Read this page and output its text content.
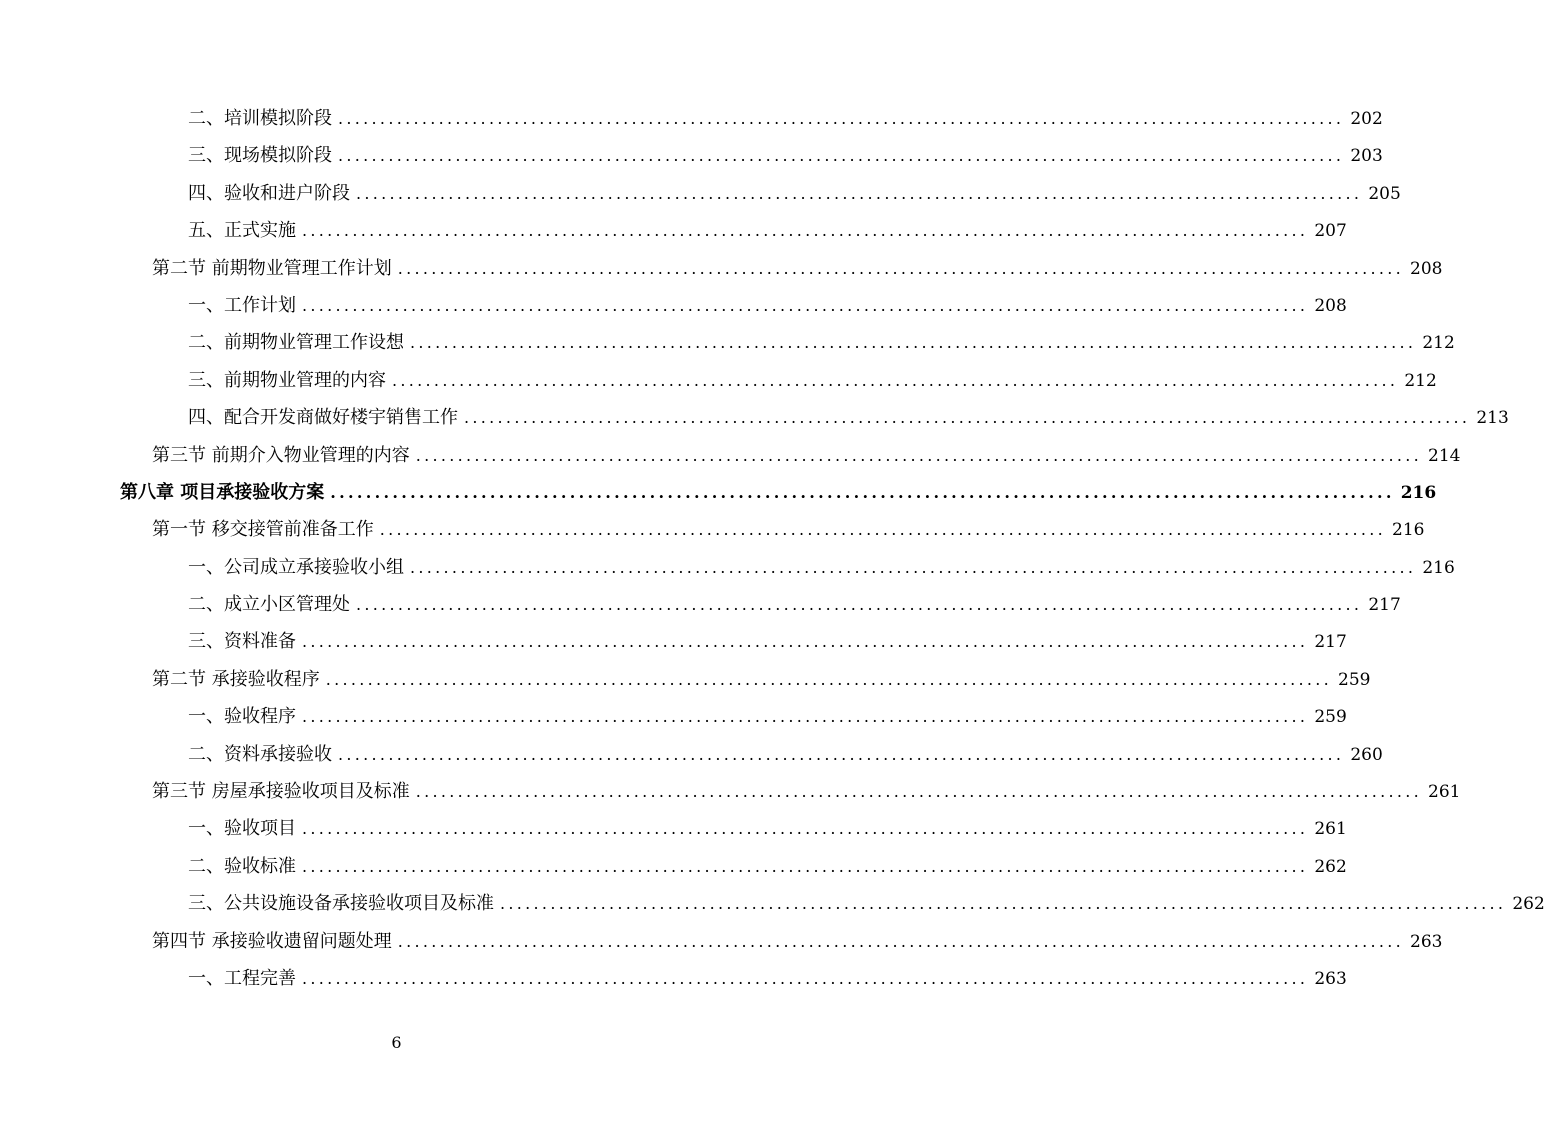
二、培训模拟阶段 ........................................................................................................................ 202
三、现场模拟阶段 ........................................................................................................................ 203
四、验收和进户阶段 ........................................................................................................................ 205
五、正式实施 ........................................................................................................................ 207
第二节 前期物业管理工作计划 ........................................................................................................................ 208
一、工作计划 ........................................................................................................................ 208
二、前期物业管理工作设想 ........................................................................................................................ 212
三、前期物业管理的内容 ........................................................................................................................ 212
四、配合开发商做好楼宇销售工作 ........................................................................................................................ 213
第三节 前期介入物业管理的内容 ........................................................................................................................ 214
第八章 项目承接验收方案 ........................................................................................................................ 216
第一节 移交接管前准备工作 ........................................................................................................................ 216
一、公司成立承接验收小组 ........................................................................................................................ 216
二、成立小区管理处 ........................................................................................................................ 217
三、资料准备 ........................................................................................................................ 217
第二节 承接验收程序 ........................................................................................................................ 259
一、验收程序 ........................................................................................................................ 259
二、资料承接验收 ........................................................................................................................ 260
第三节 房屋承接验收项目及标准 ........................................................................................................................ 261
一、验收项目 ........................................................................................................................ 261
二、验收标准 ........................................................................................................................ 262
三、公共设施设备承接验收项目及标准 ........................................................................................................................ 262
第四节 承接验收遗留问题处理 ........................................................................................................................ 263
一、工程完善 ........................................................................................................................ 263
6
